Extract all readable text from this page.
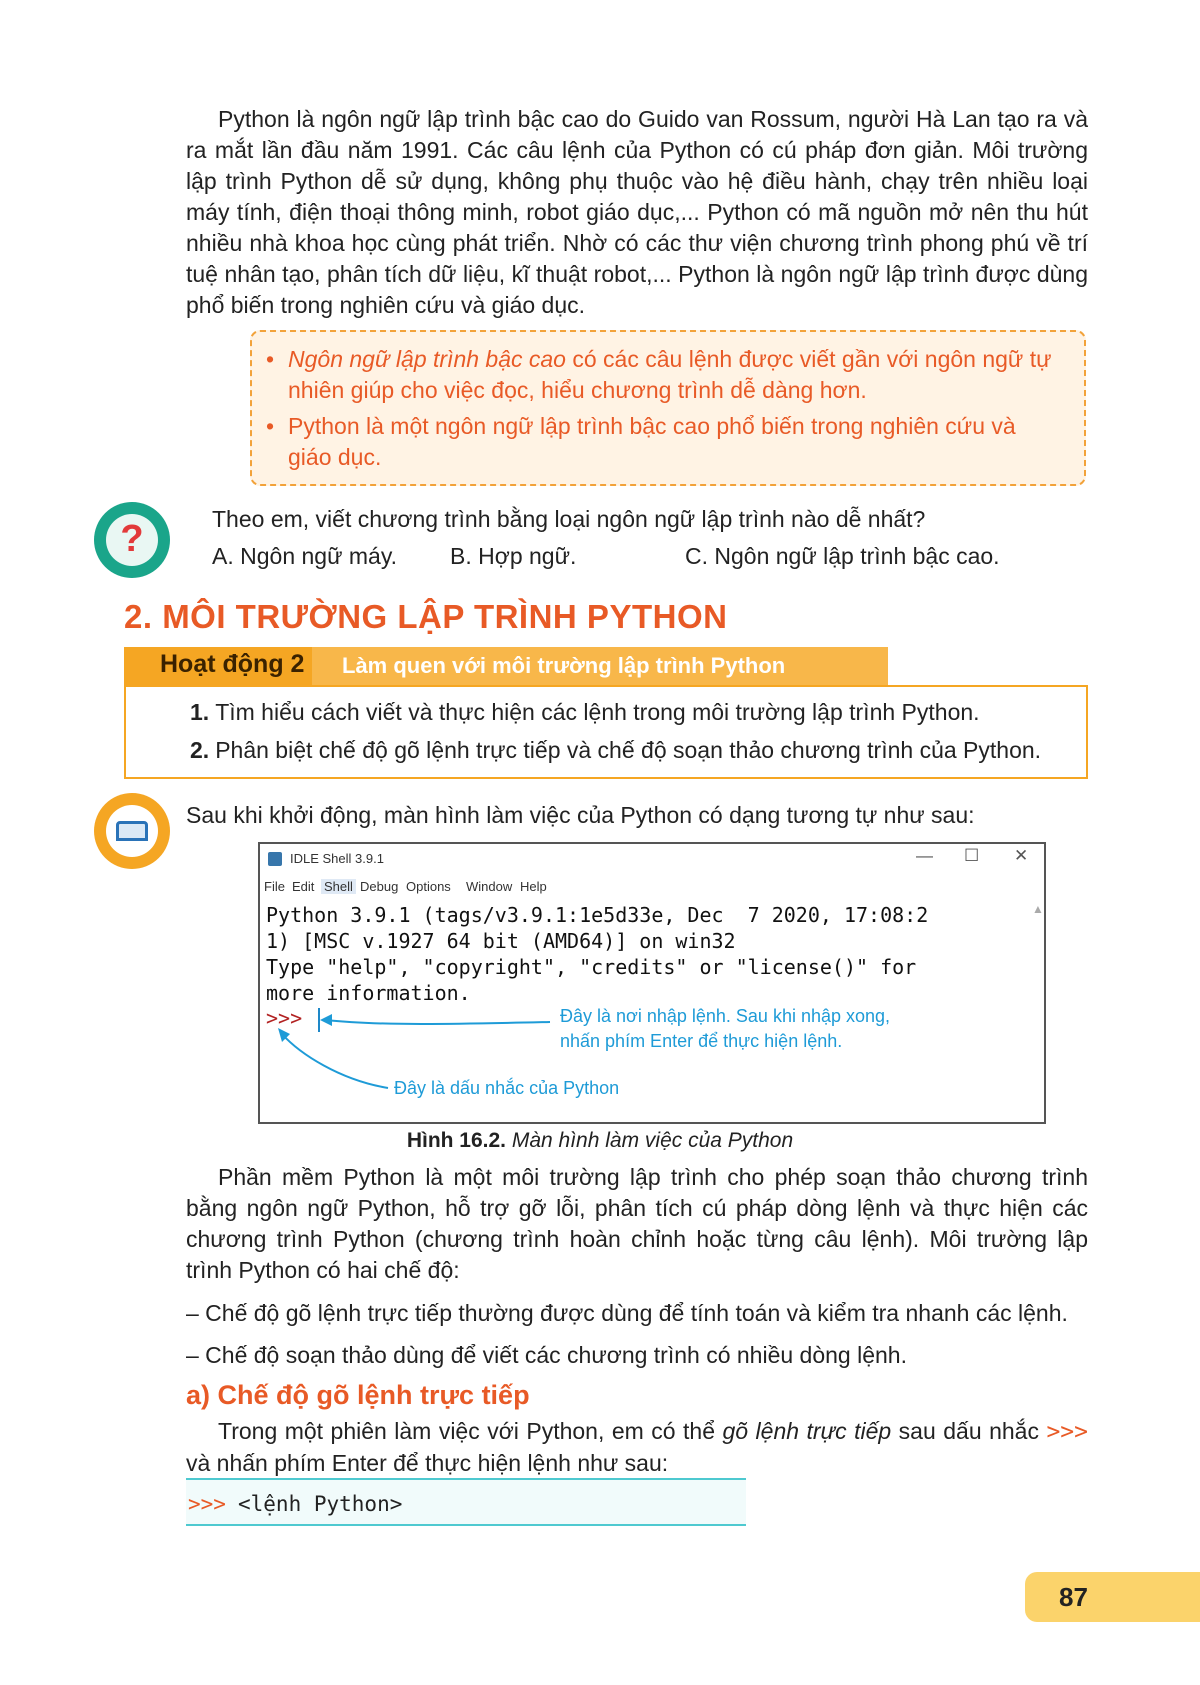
Python là ngôn ngữ lập trình bậc cao do Guido van Rossum, người Hà Lan tạo ra và ra mắt lần đầu năm 1991. Các câu lệnh của Python có cú pháp đơn giản. Môi trường lập trình Python dễ sử dụng, không phụ thuộc vào hệ điều hành, chạy trên nhiều loại máy tính, điện thoại thông minh, robot giáo dục,... Python có mã nguồn mở nên thu hút nhiều nhà khoa học cùng phát triển. Nhờ có các thư viện chương trình phong phú về trí tuệ nhân tạo, phân tích dữ liệu, kĩ thuật robot,... Python là ngôn ngữ lập trình được dùng phổ biến trong nghiên cứu và giáo dục.

• Ngôn ngữ lập trình bậc cao có các câu lệnh được viết gần với ngôn ngữ tự nhiên giúp cho việc đọc, hiểu chương trình dễ dàng hơn.
• Python là một ngôn ngữ lập trình bậc cao phổ biến trong nghiên cứu và giáo dục.
?	Theo em, viết chương trình bằng loại ngôn ngữ lập trình nào dễ nhất?
A. Ngôn ngữ máy. B. Hợp ngữ.	C. Ngôn ngữ lập trình bậc cao.
2. MÔI TRƯỜNG LẬP TRÌNH PYTHON
Hoạt động 2 Làm quen với môi trường lập trình Python
1. Tìm hiểu cách viết và thực hiện các lệnh trong môi trường lập trình Python.
2. Phân biệt chế độ gõ lệnh trực tiếp và chế độ soạn thảo chương trình của Python.
Sau khi khởi động, màn hình làm việc của Python có dạng tương tự như sau:
IDLE Shell 3.9.1	— ☐ ✕
File Edit Shell Debug Options Window Help
Python 3.9.1 (tags/v3.9.1:1e5d33e, Dec  7 2020, 17:08:2
1) [MSC v.1927 64 bit (AMD64)] on win32
Type "help", "copyright", "credits" or "license()" for
more information.
▲
>>>	Đây là nơi nhập lệnh. Sau khi nhập xong,
nhấn phím Enter để thực hiện lệnh.
Đây là dấu nhắc của Python
Hình 16.2. Màn hình làm việc của Python

Phần mềm Python là một môi trường lập trình cho phép soạn thảo chương trình bằng ngôn ngữ Python, hỗ trợ gỡ lỗi, phân tích cú pháp dòng lệnh và thực hiện các chương trình Python (chương trình hoàn chỉnh hoặc từng câu lệnh). Môi trường lập trình Python có hai chế độ:

– Chế độ gõ lệnh trực tiếp thường được dùng để tính toán và kiểm tra nhanh các lệnh.
– Chế độ soạn thảo dùng để viết các chương trình có nhiều dòng lệnh.
a) Chế độ gõ lệnh trực tiếp

Trong một phiên làm việc với Python, em có thể gõ lệnh trực tiếp sau dấu nhắc >>> và nhấn phím Enter để thực hiện lệnh như sau:

>>> <lệnh Python>
87
